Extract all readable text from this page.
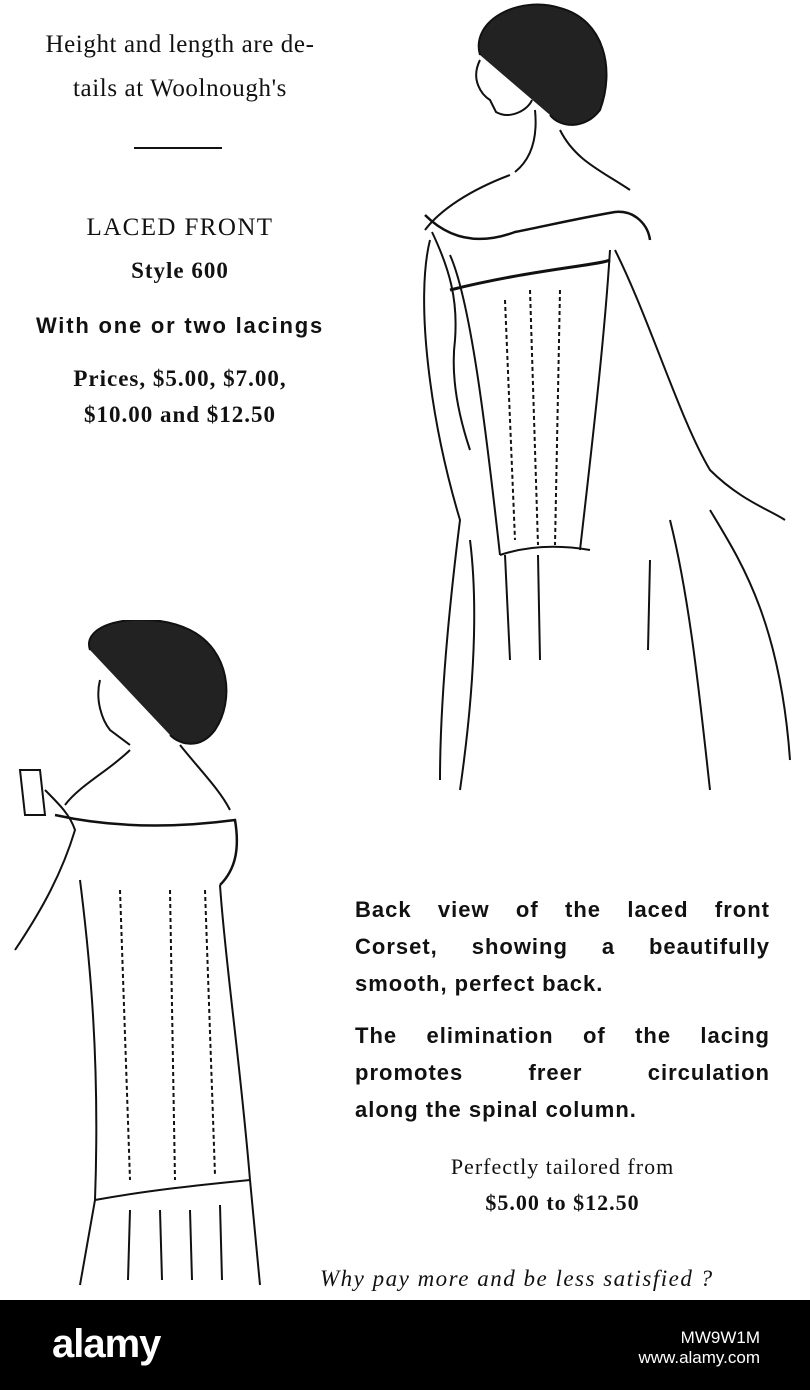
Height and length are de-
tails at Woolnough's
LACED FRONT
Style 600
With one or two lacings
Prices, $5.00, $7.00,
$10.00 and $12.50
Back view of the laced front
Corset, showing a beautifully
smooth, perfect back.
The elimination of the lacing
promotes freer circulation
along the spinal column.
Perfectly tailored from
$5.00 to $12.50
Why pay more and be less satisfied ?
alamy	MW9W1M
www.alamy.com
